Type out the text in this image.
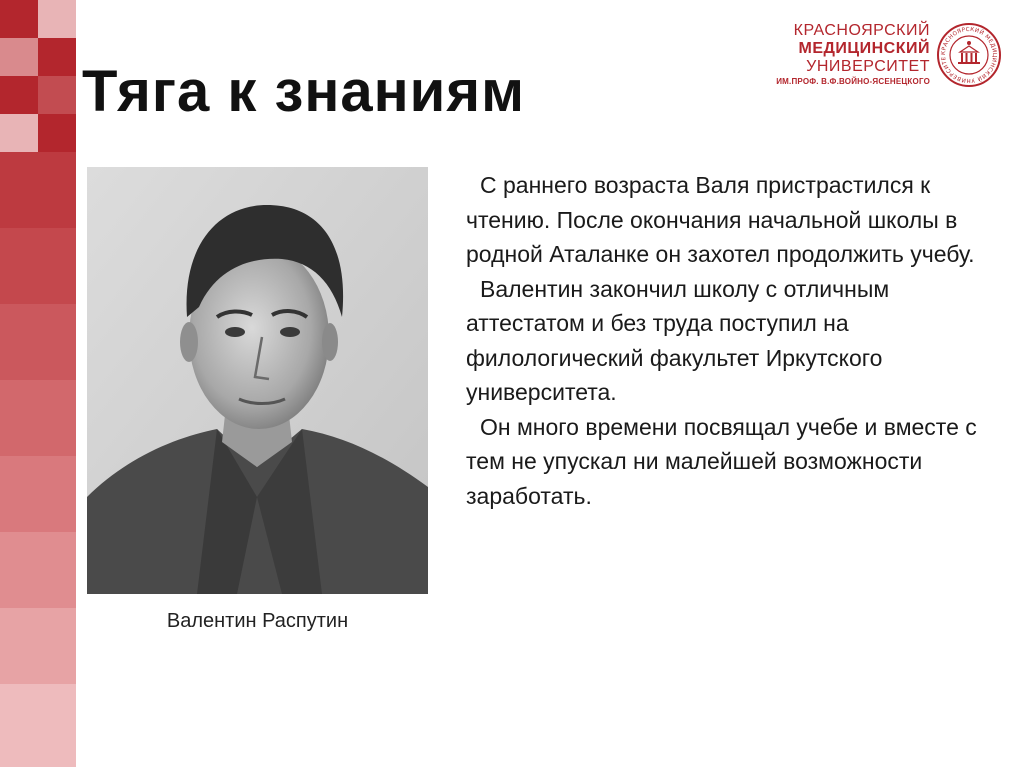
Тяга к знаниям
КРАСНОЯРСКИЙ
МЕДИЦИНСКИЙ
УНИВЕРСИТЕТ
ИМ.ПРОФ. В.Ф.ВОЙНО-ЯСЕНЕЦКОГО
КРАСНОЯРСКИЙ МЕДИЦИНСКИЙ УНИВЕРСИТЕ
Валентин Распутин

С раннего возраста Валя пристрастился к чтению. После окончания начальной школы в родной Аталанке он захотел продолжить учебу.

Валентин закончил школу с отличным аттестатом и без труда поступил на филологический факультет Иркутского университета.

Он много времени посвящал учебе и вместе с тем не упускал ни малейшей возможности заработать.
